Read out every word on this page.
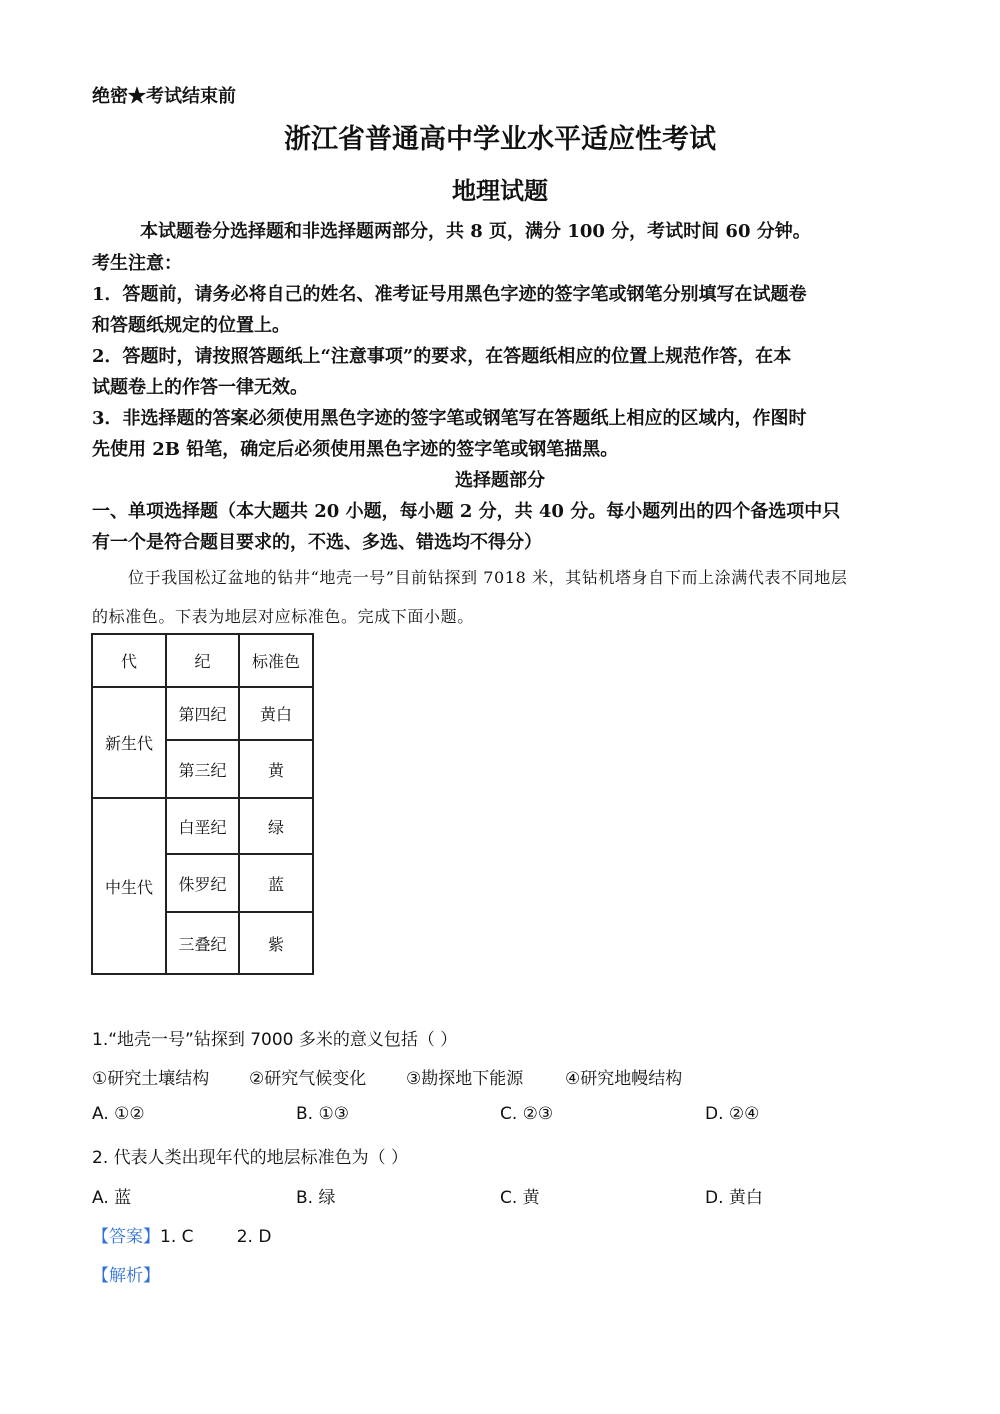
绝密★考试结束前
浙江省普通高中学业水平适应性考试
地理试题
本试题卷分选择题和非选择题两部分，共 8 页，满分 100 分，考试时间 60 分钟。
考生注意：
1．答题前，请务必将自己的姓名、准考证号用黑色字迹的签字笔或钢笔分别填写在试题卷
和答题纸规定的位置上。
2．答题时，请按照答题纸上“注意事项”的要求，在答题纸相应的位置上规范作答，在本
试题卷上的作答一律无效。
3．非选择题的答案必须使用黑色字迹的签字笔或钢笔写在答题纸上相应的区域内，作图时
先使用 2B 铅笔，确定后必须使用黑色字迹的签字笔或钢笔描黑。
选择题部分
一、单项选择题（本大题共 20 小题，每小题 2 分，共 40 分。每小题列出的四个备选项中只
有一个是符合题目要求的，不选、多选、错选均不得分）
位于我国松辽盆地的钻井“地壳一号”目前钻探到 7018 米，其钻机塔身自下而上涂满代表不同地层
的标准色。下表为地层对应标准色。完成下面小题。
代	纪	标准色
新生代	第四纪	黄白
	第三纪	黄
中生代	白垩纪	绿
	侏罗纪	蓝
	三叠纪	紫
1.“地壳一号”钻探到 7000 多米的意义包括（ ）
①研究土壤结构 ②研究气候变化 ③勘探地下能源 ④研究地幔结构
A. ①②	B. ①③	C. ②③	D. ②④
2. 代表人类出现年代的地层标准色为（ ）
A. 蓝	B. 绿	C. 黄	D. 黄白
【答案】1. C        2. D
【解析】
